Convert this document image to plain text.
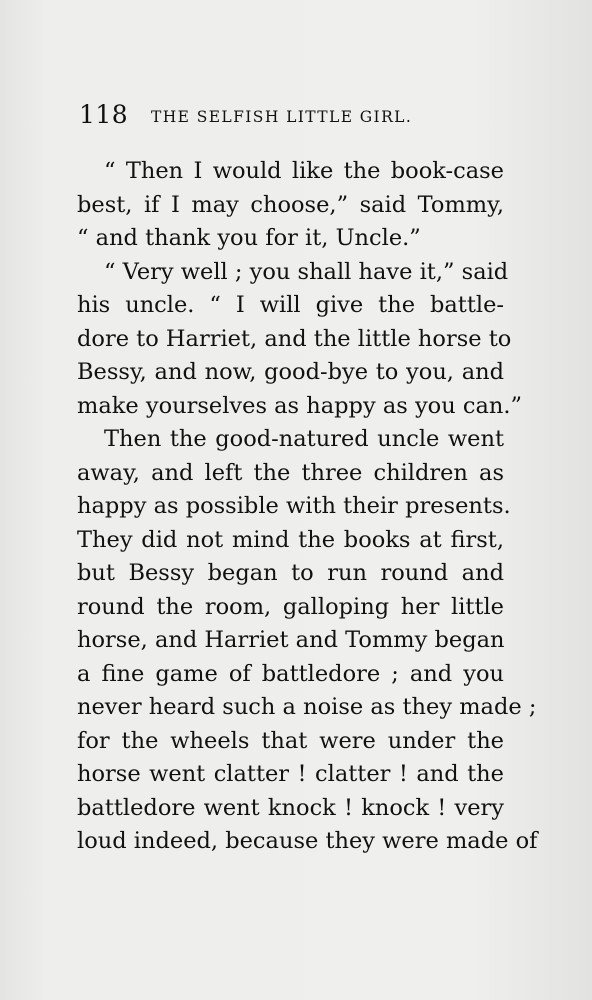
118 THE SELFISH LITTLE GIRL.
“ Then I would like the book-case
best, if I may choose,” said Tommy,
“ and thank you for it, Uncle.”
“ Very well ; you shall have it,” said
his uncle. “ I will give the battle-
dore to Harriet, and the little horse to
Bessy, and now, good-bye to you, and
make yourselves as happy as you can.”
Then the good-natured uncle went
away, and left the three children as
happy as possible with their presents.
They did not mind the books at first,
but Bessy began to run round and
round the room, galloping her little
horse, and Harriet and Tommy began
a fine game of battledore ; and you
never heard such a noise as they made ;
for the wheels that were under the
horse went clatter ! clatter ! and the
battledore went knock ! knock ! very
loud indeed, because they were made of
